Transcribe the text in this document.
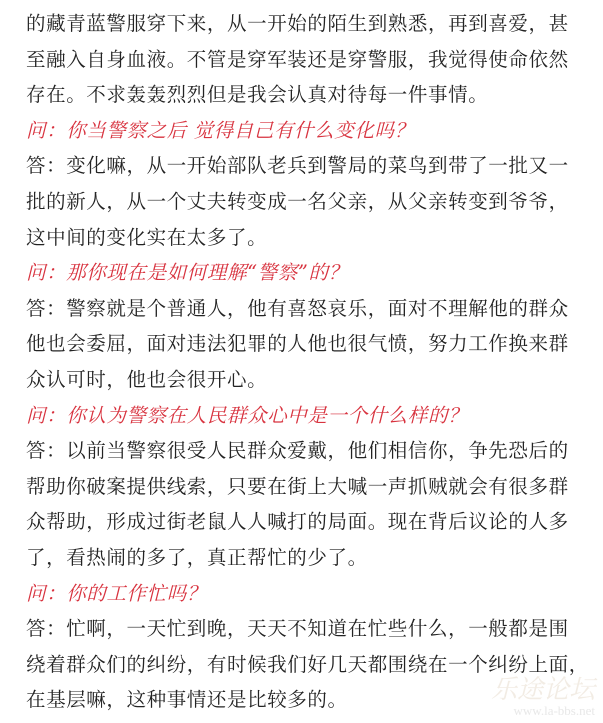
的藏青蓝警服穿下来，从一开始的陌生到熟悉，再到喜爱，甚
至融入自身血液。不管是穿军装还是穿警服，我觉得使命依然
存在。不求轰轰烈烈但是我会认真对待每一件事情。
问：你当警察之后 觉得自己有什么变化吗？
答：变化嘛，从一开始部队老兵到警局的菜鸟到带了一批又一
批的新人，从一个丈夫转变成一名父亲，从父亲转变到爷爷，
这中间的变化实在太多了。
问：那你现在是如何理解“警察”的？
答：警察就是个普通人，他有喜怒哀乐，面对不理解他的群众
他也会委屈，面对违法犯罪的人他也很气愤，努力工作换来群
众认可时，他也会很开心。
问：你认为警察在人民群众心中是一个什么样的？
答：以前当警察很受人民群众爱戴，他们相信你，争先恐后的
帮助你破案提供线索，只要在街上大喊一声抓贼就会有很多群
众帮助，形成过街老鼠人人喊打的局面。现在背后议论的人多
了，看热闹的多了，真正帮忙的少了。
问：你的工作忙吗？
答：忙啊，一天忙到晚，天天不知道在忙些什么，一般都是围
绕着群众们的纠纷，有时候我们好几天都围绕在一个纠纷上面，
在基层嘛，这种事情还是比较多的。	乐途论坛
www.la-bbs.net
